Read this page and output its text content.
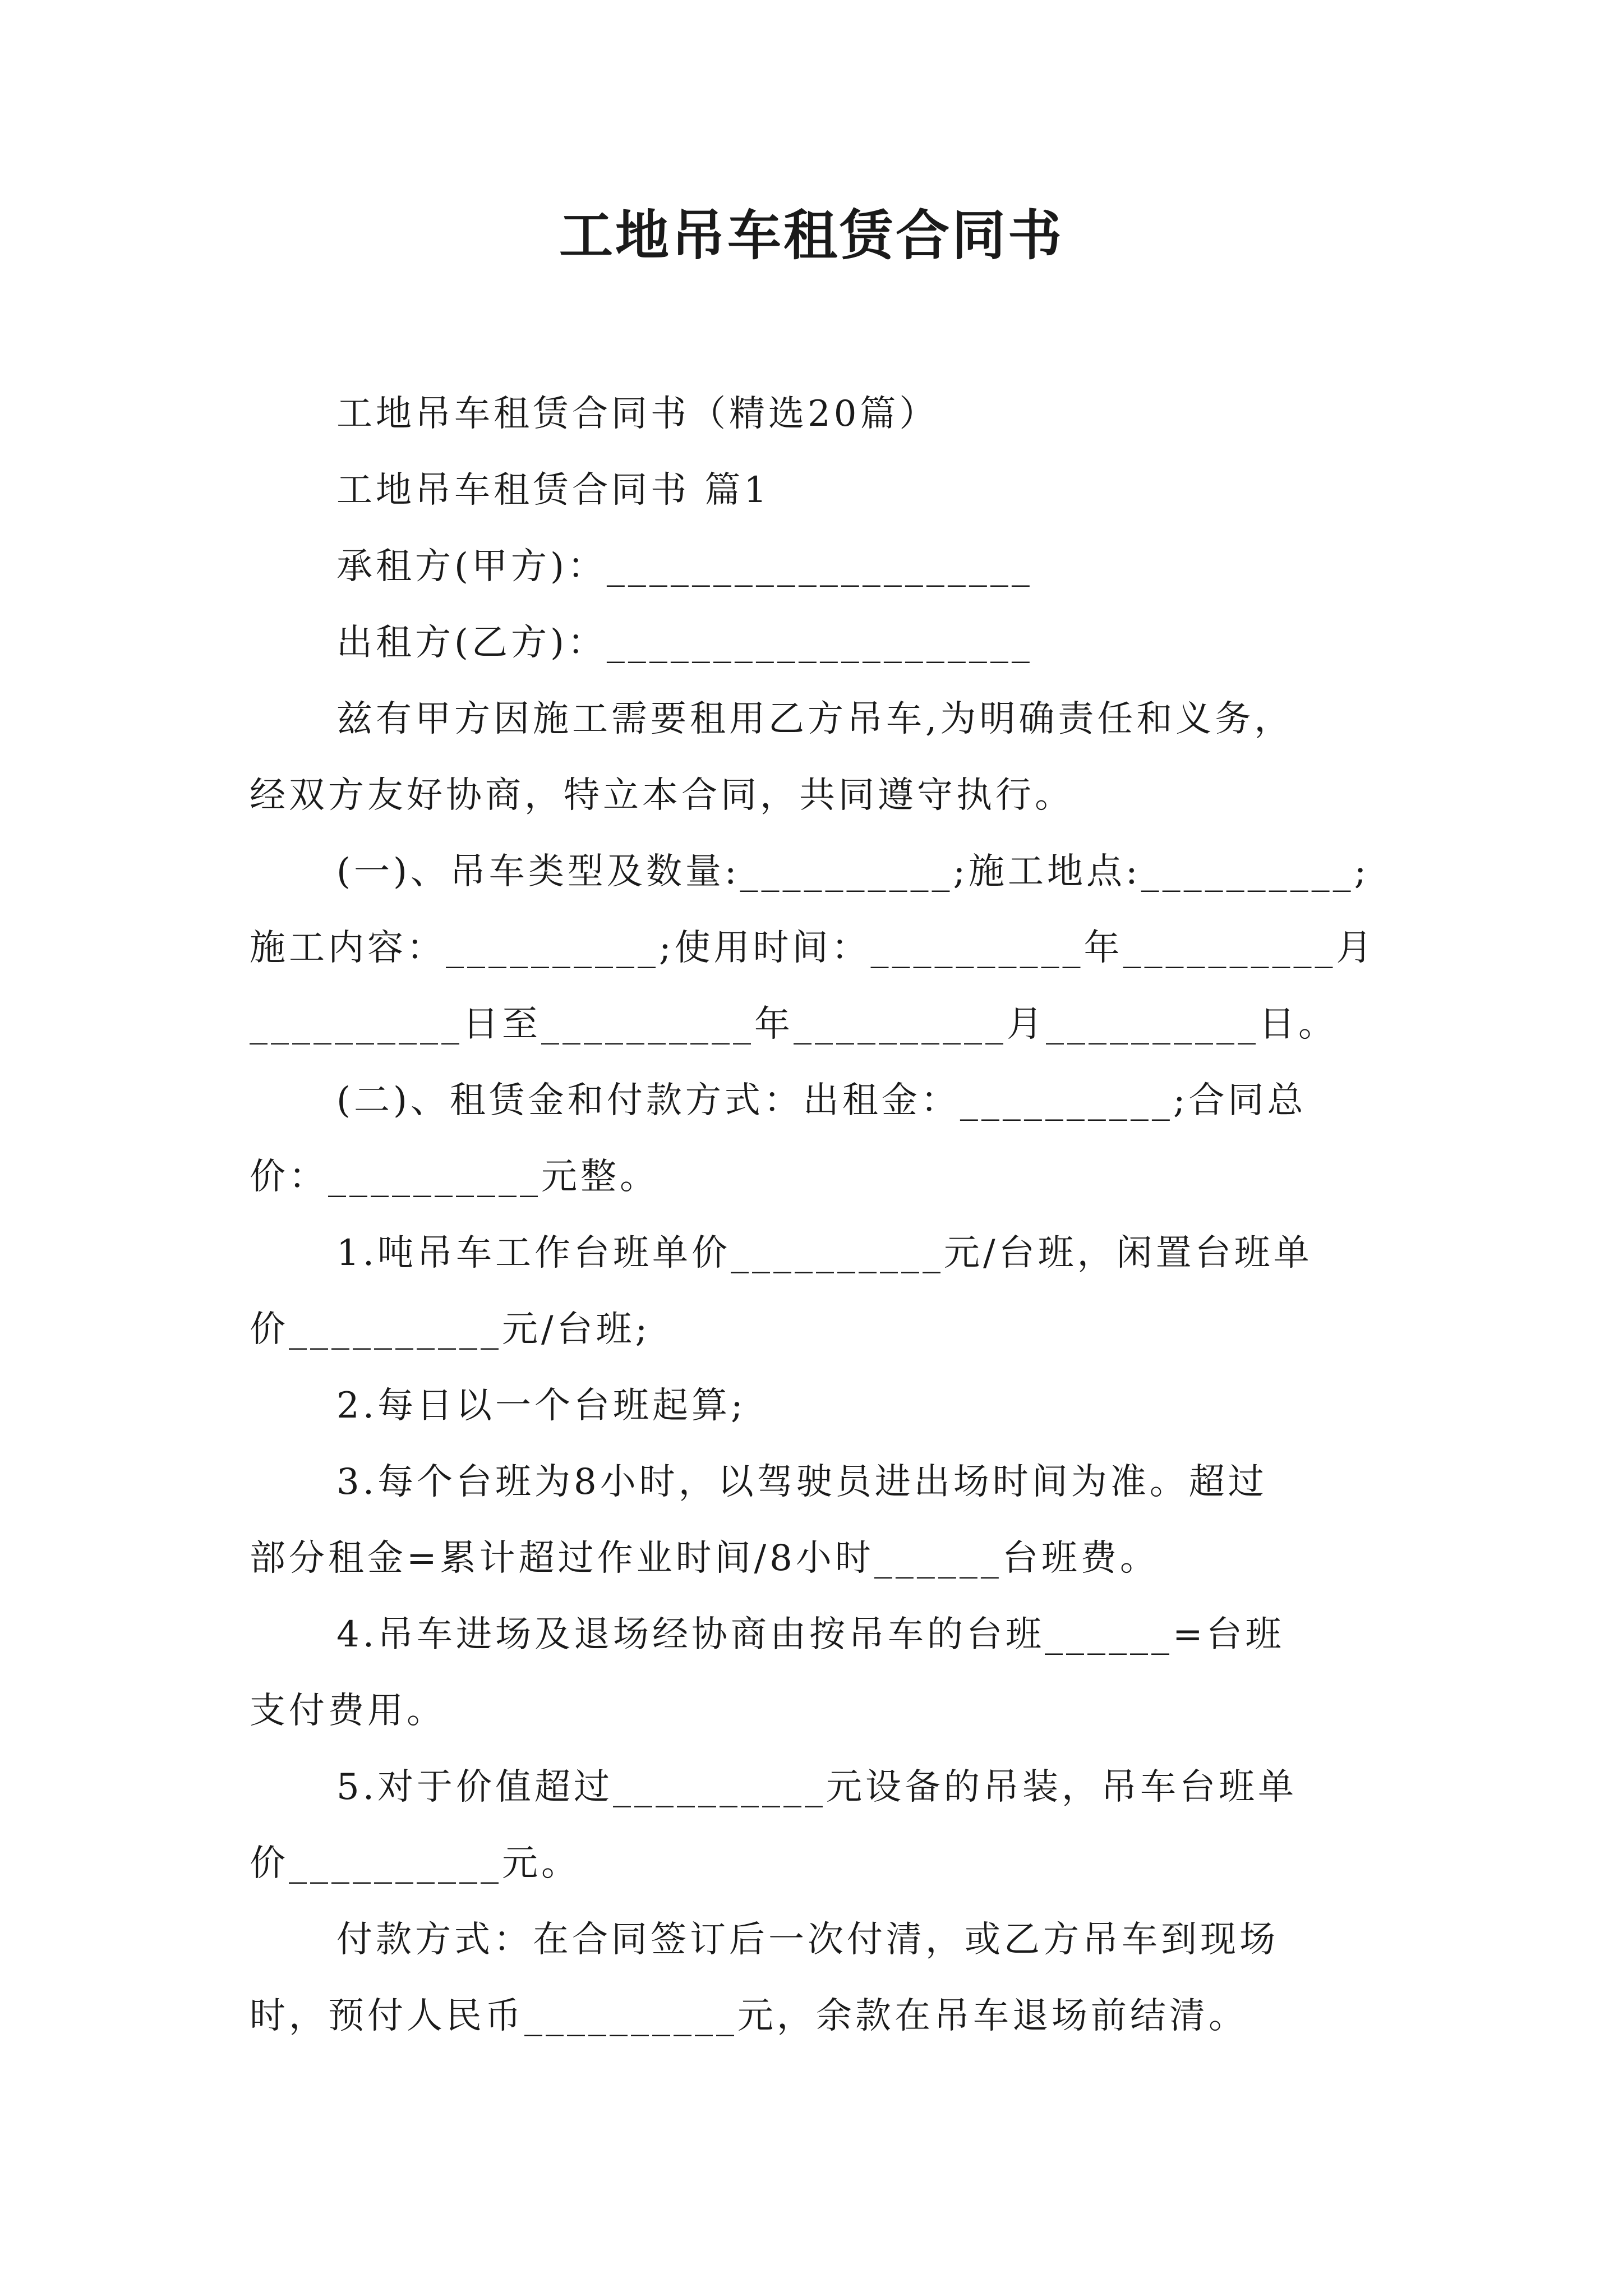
工地吊车租赁合同书
工地吊车租赁合同书（精选20篇）
工地吊车租赁合同书 篇1
承租方(甲方)：____________________
出租方(乙方)：____________________
兹有甲方因施工需要租用乙方吊车,为明确责任和义务，
经双方友好协商，特立本合同，共同遵守执行。
(一)、吊车类型及数量:__________;施工地点:__________;
施工内容：__________;使用时间：__________年__________月
__________日至__________年__________月__________日。
(二)、租赁金和付款方式：出租金：__________;合同总
价：__________元整。
1.吨吊车工作台班单价__________元/台班，闲置台班单
价__________元/台班;
2.每日以一个台班起算;
3.每个台班为8小时，以驾驶员进出场时间为准。超过
部分租金=累计超过作业时间/8小时______台班费。
4.吊车进场及退场经协商由按吊车的台班______=台班
支付费用。
5.对于价值超过__________元设备的吊装，吊车台班单
价__________元。
付款方式：在合同签订后一次付清，或乙方吊车到现场
时，预付人民币__________元，余款在吊车退场前结清。
